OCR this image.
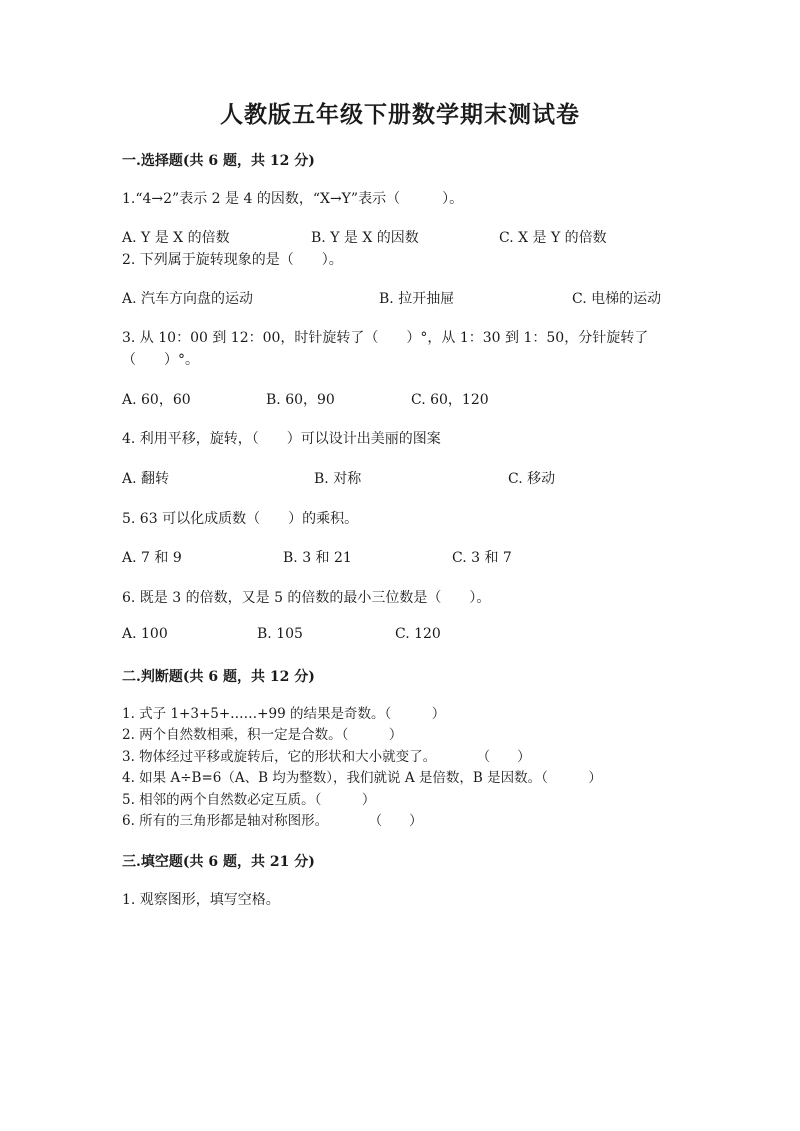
人教版五年级下册数学期末测试卷
一.选择题(共 6 题，共 12 分)
1.“4→2”表示 2 是 4 的因数，“X→Y”表示（　　　）。
A. Y 是 X 的倍数	B. Y 是 X 的因数	C. X 是 Y 的倍数
2. 下列属于旋转现象的是（　　）。
A. 汽车方向盘的运动	B. 拉开抽屉	C. 电梯的运动
3. 从 10：00 到 12：00，时针旋转了（　　）°，从 1：30 到 1：50，分针旋转了（　　）°。
A. 60，60	B. 60，90	C. 60，120
4. 利用平移，旋转，（　　）可以设计出美丽的图案
A. 翻转	B. 对称	C. 移动
5. 63 可以化成质数（　　）的乘积。
A. 7 和 9	B. 3 和 21	C. 3 和 7
6. 既是 3 的倍数，又是 5 的倍数的最小三位数是（　　）。
A. 100	B. 105	C. 120
二.判断题(共 6 题，共 12 分)
1. 式子 1+3+5+……+99 的结果是奇数。（　　　）
2. 两个自然数相乘，积一定是合数。（　　　）
3. 物体经过平移或旋转后，它的形状和大小就变了。　　　　（　　）
4. 如果 A÷B=6（A、B 均为整数），我们就说 A 是倍数，B 是因数。（　　　）
5. 相邻的两个自然数必定互质。（　　　）
6. 所有的三角形都是轴对称图形。　　　　（　　）
三.填空题(共 6 题，共 21 分)
1. 观察图形，填写空格。
